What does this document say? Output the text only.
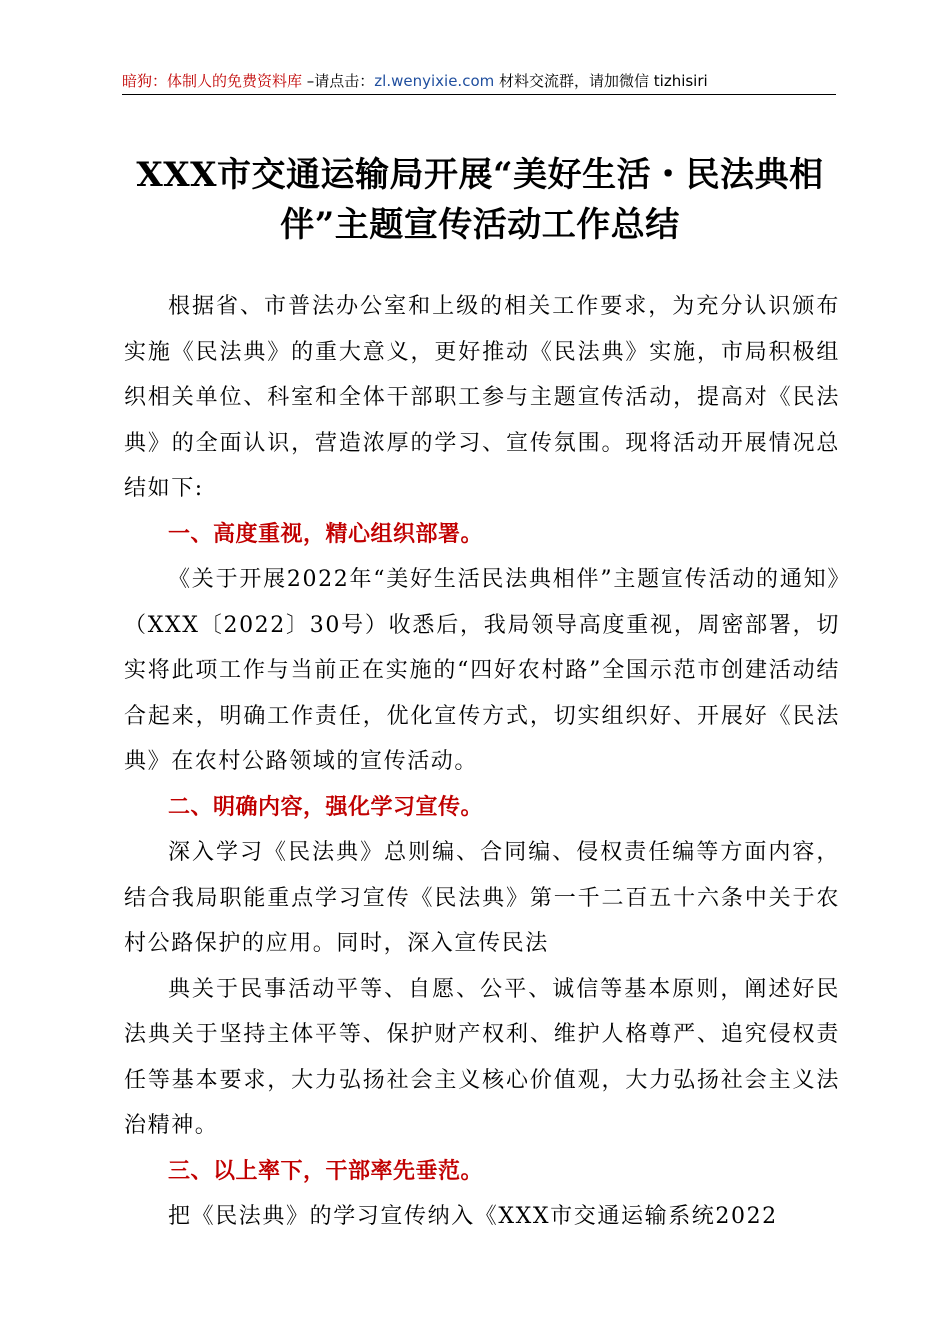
暗狗：体制人的免费资料库 –请点击：zl.wenyixie.com 材料交流群，请加微信 tizhisiri
XXX市交通运输局开展“美好生活・民法典相伴”主题宣传活动工作总结

根据省、市普法办公室和上级的相关工作要求，为充分认识颁布实施《民法典》的重大意义，更好推动《民法典》实施，市局积极组织相关单位、科室和全体干部职工参与主题宣传活动，提高对《民法典》的全面认识，营造浓厚的学习、宣传氛围。现将活动开展情况总结如下:

一、高度重视，精心组织部署。

《关于开展2022年“美好生活民法典相伴”主题宣传活动的通知》（XXX〔2022〕30号）收悉后，我局领导高度重视，周密部署，切实将此项工作与当前正在实施的“四好农村路”全国示范市创建活动结合起来，明确工作责任，优化宣传方式，切实组织好、开展好《民法典》在农村公路领域的宣传活动。

二、明确内容，强化学习宣传。

深入学习《民法典》总则编、合同编、侵权责任编等方面内容，结合我局职能重点学习宣传《民法典》第一千二百五十六条中关于农村公路保护的应用。同时，深入宣传民法

典关于民事活动平等、自愿、公平、诚信等基本原则，阐述好民法典关于坚持主体平等、保护财产权利、维护人格尊严、追究侵权责任等基本要求，大力弘扬社会主义核心价值观，大力弘扬社会主义法治精神。

三、以上率下，干部率先垂范。

把《民法典》的学习宣传纳入《XXX市交通运输系统2022
